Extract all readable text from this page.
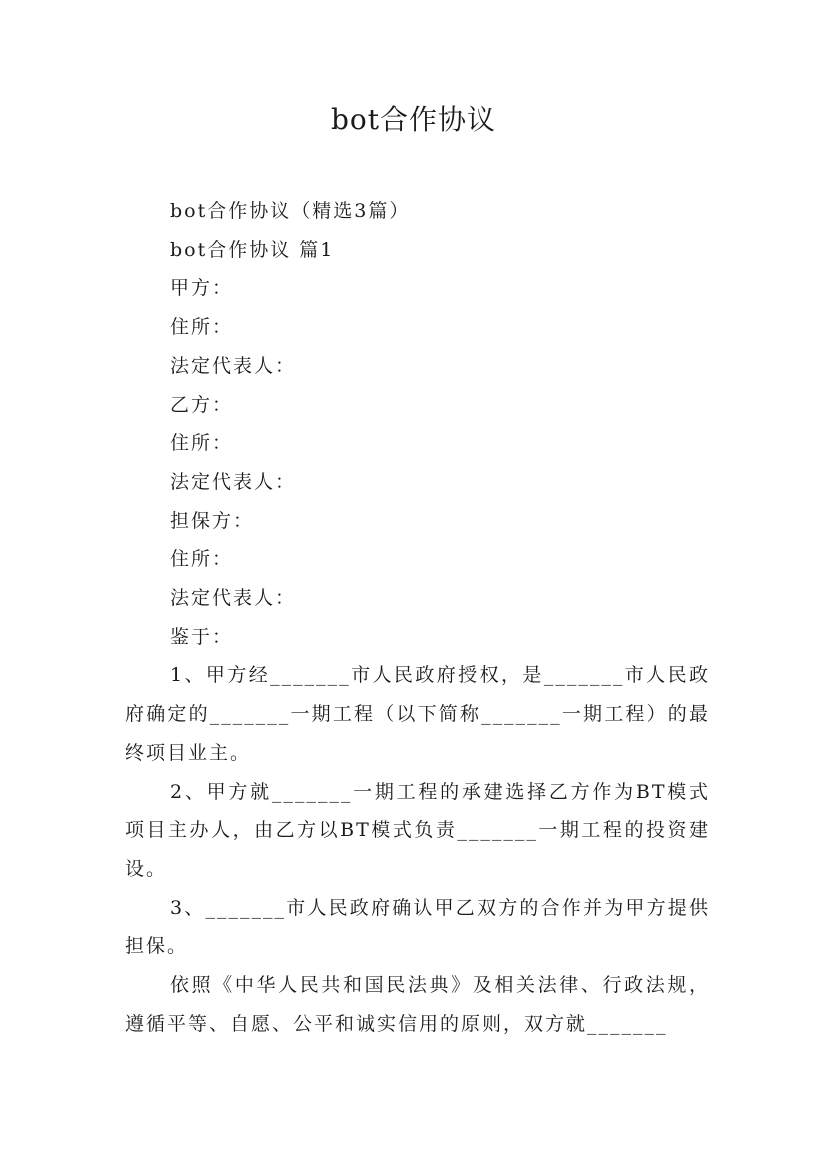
bot合作协议

bot合作协议（精选3篇）

bot合作协议 篇1

甲方：

住所：

法定代表人：

乙方：

住所：

法定代表人：

担保方：

住所：

法定代表人：

鉴于：

1、甲方经_______市人民政府授权，是_______市人民政府确定的_______一期工程（以下简称_______一期工程）的最终项目业主。

2、甲方就_______一期工程的承建选择乙方作为BT模式项目主办人，由乙方以BT模式负责_______一期工程的投资建设。

3、_______市人民政府确认甲乙双方的合作并为甲方提供担保。

依照《中华人民共和国民法典》及相关法律、行政法规，遵循平等、自愿、公平和诚实信用的原则，双方就_______
